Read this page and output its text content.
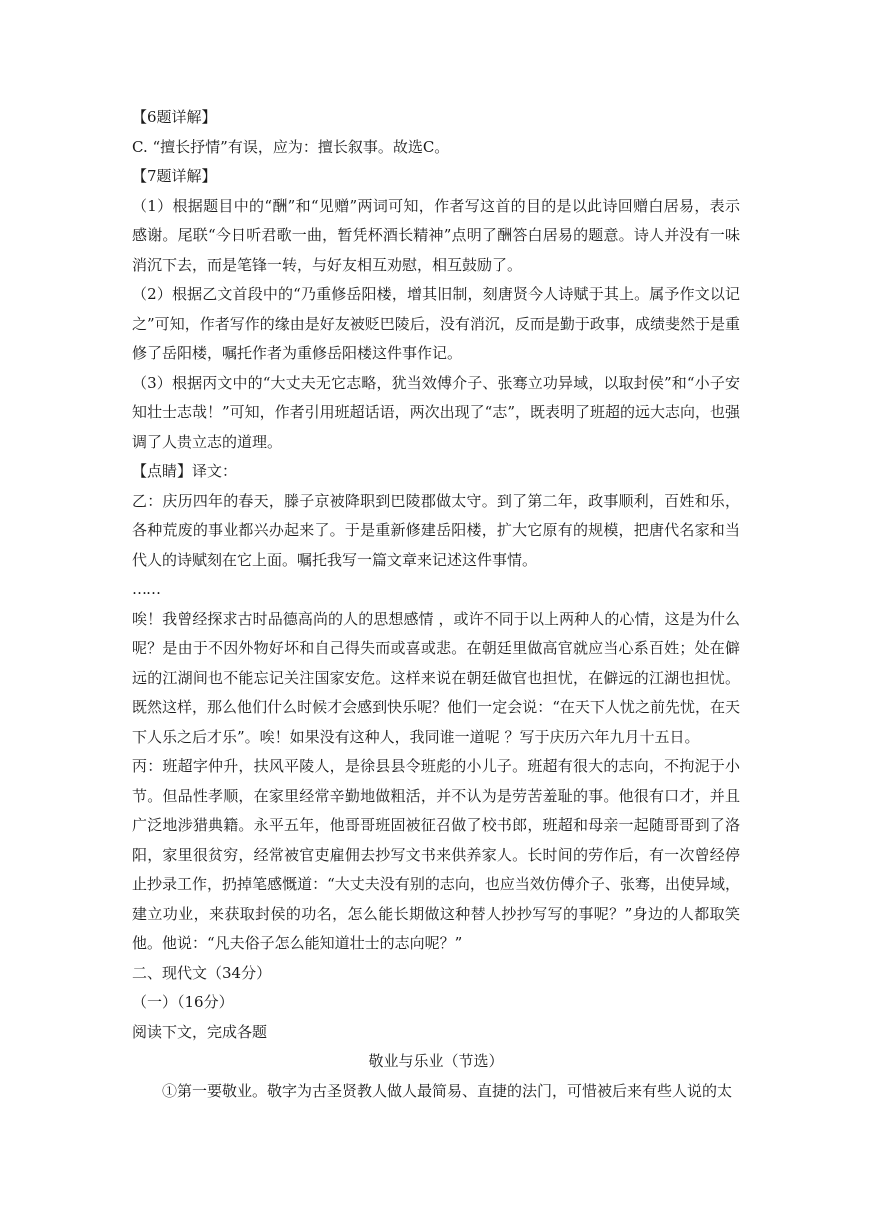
【6题详解】
C. “擅长抒情”有误，应为：擅长叙事。故选C。
【7题详解】
（1）根据题目中的“酬”和“见赠”两词可知，作者写这首的目的是以此诗回赠白居易，表示感谢。尾联“今日听君歌一曲，暂凭杯酒长精神”点明了酬答白居易的题意。诗人并没有一味消沉下去，而是笔锋一转，与好友相互劝慰，相互鼓励了。
（2）根据乙文首段中的“乃重修岳阳楼，增其旧制，刻唐贤今人诗赋于其上。属予作文以记之”可知，作者写作的缘由是好友被贬巴陵后，没有消沉，反而是勤于政事，成绩斐然于是重修了岳阳楼，嘱托作者为重修岳阳楼这件事作记。
（3）根据丙文中的“大丈夫无它志略，犹当效傅介子、张骞立功异域，以取封侯”和“小子安知壮士志哉！”可知，作者引用班超话语，两次出现了“志”，既表明了班超的远大志向，也强调了人贵立志的道理。
【点睛】译文：
乙：庆历四年的春天，滕子京被降职到巴陵郡做太守。到了第二年，政事顺利，百姓和乐，各种荒废的事业都兴办起来了。于是重新修建岳阳楼，扩大它原有的规模，把唐代名家和当代人的诗赋刻在它上面。嘱托我写一篇文章来记述这件事情。
……
唉！我曾经探求古时品德高尚的人的思想感情 ，或许不同于以上两种人的心情，这是为什么呢？是由于不因外物好坏和自己得失而或喜或悲。在朝廷里做高官就应当心系百姓；处在僻远的江湖间也不能忘记关注国家安危。这样来说在朝廷做官也担忧，在僻远的江湖也担忧。既然这样，那么他们什么时候才会感到快乐呢？他们一定会说：“在天下人忧之前先忧，在天下人乐之后才乐”。唉！如果没有这种人，我同谁一道呢 ？写于庆历六年九月十五日。
丙：班超字仲升，扶风平陵人，是徐县县令班彪的小儿子。班超有很大的志向，不拘泥于小节。但品性孝顺，在家里经常辛勤地做粗活，并不认为是劳苦羞耻的事。他很有口才，并且广泛地涉猎典籍。永平五年，他哥哥班固被征召做了校书郎，班超和母亲一起随哥哥到了洛阳，家里很贫穷，经常被官吏雇佣去抄写文书来供养家人。长时间的劳作后，有一次曾经停止抄录工作，扔掉笔感慨道：“大丈夫没有别的志向，也应当效仿傅介子、张骞，出使异域，建立功业，来获取封侯的功名，怎么能长期做这种替人抄抄写写的事呢？”身边的人都取笑他。他说：“凡夫俗子怎么能知道壮士的志向呢？”
二、现代文（34分）
（一）（16分）
阅读下文，完成各题
敬业与乐业（节选）
①第一要敬业。敬字为古圣贤教人做人最简易、直捷的法门，可惜被后来有些人说的太
